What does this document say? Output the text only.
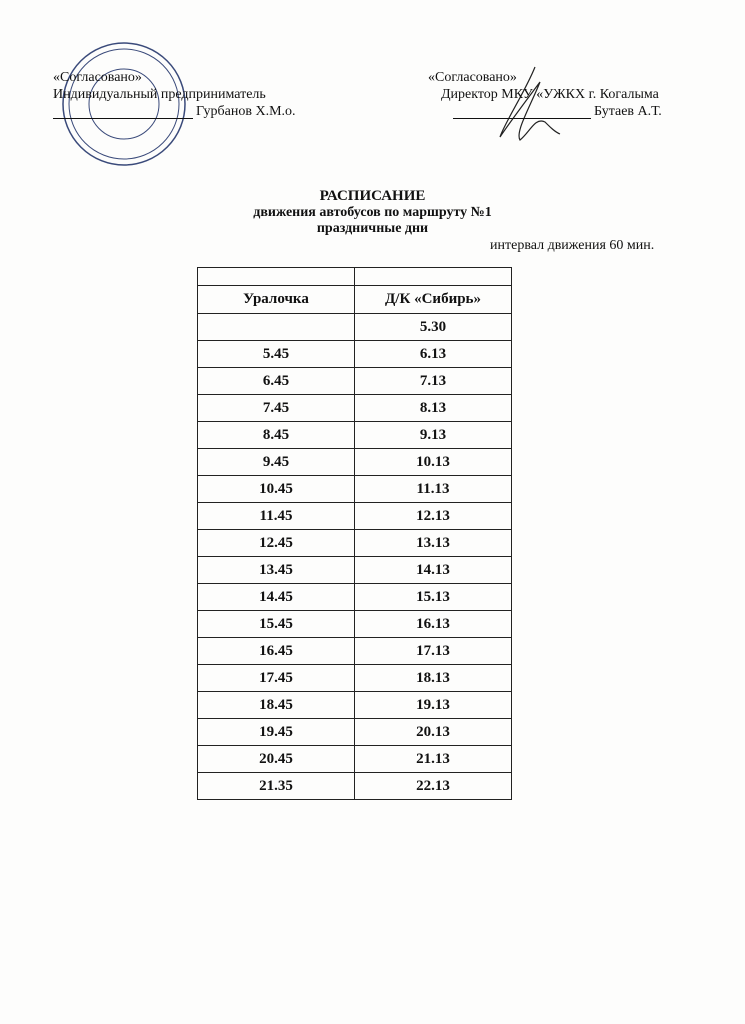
«Согласовано»
Индивидуальный предприниматель
Гурбанов Х.М.о.
«Согласовано»
Директор МКУ «УЖКХ г. Когалыма
Бутаев А.Т.
РАСПИСАНИЕ
движения автобусов по маршруту №1
праздничные дни
интервал движения 60 мин.

Уралочка	Д/К «Сибирь»
	5.30
5.45	6.13
6.45	7.13
7.45	8.13
8.45	9.13
9.45	10.13
10.45	11.13
11.45	12.13
12.45	13.13
13.45	14.13
14.45	15.13
15.45	16.13
16.45	17.13
17.45	18.13
18.45	19.13
19.45	20.13
20.45	21.13
21.35	22.13
